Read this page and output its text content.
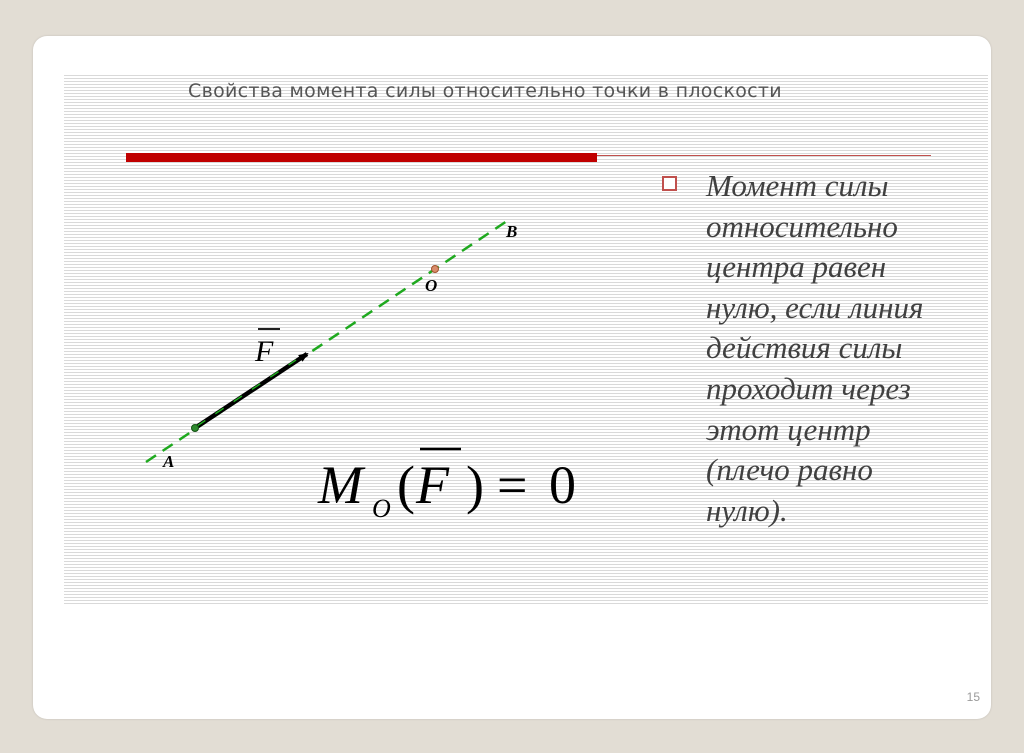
Свойства момента силы относительно точки в плоскости
A
O
B
F
M O ( F ) = 0

Момент силы относительно центра равен нулю, если линия действия силы проходит через этот центр (плечо равно нулю).

15
